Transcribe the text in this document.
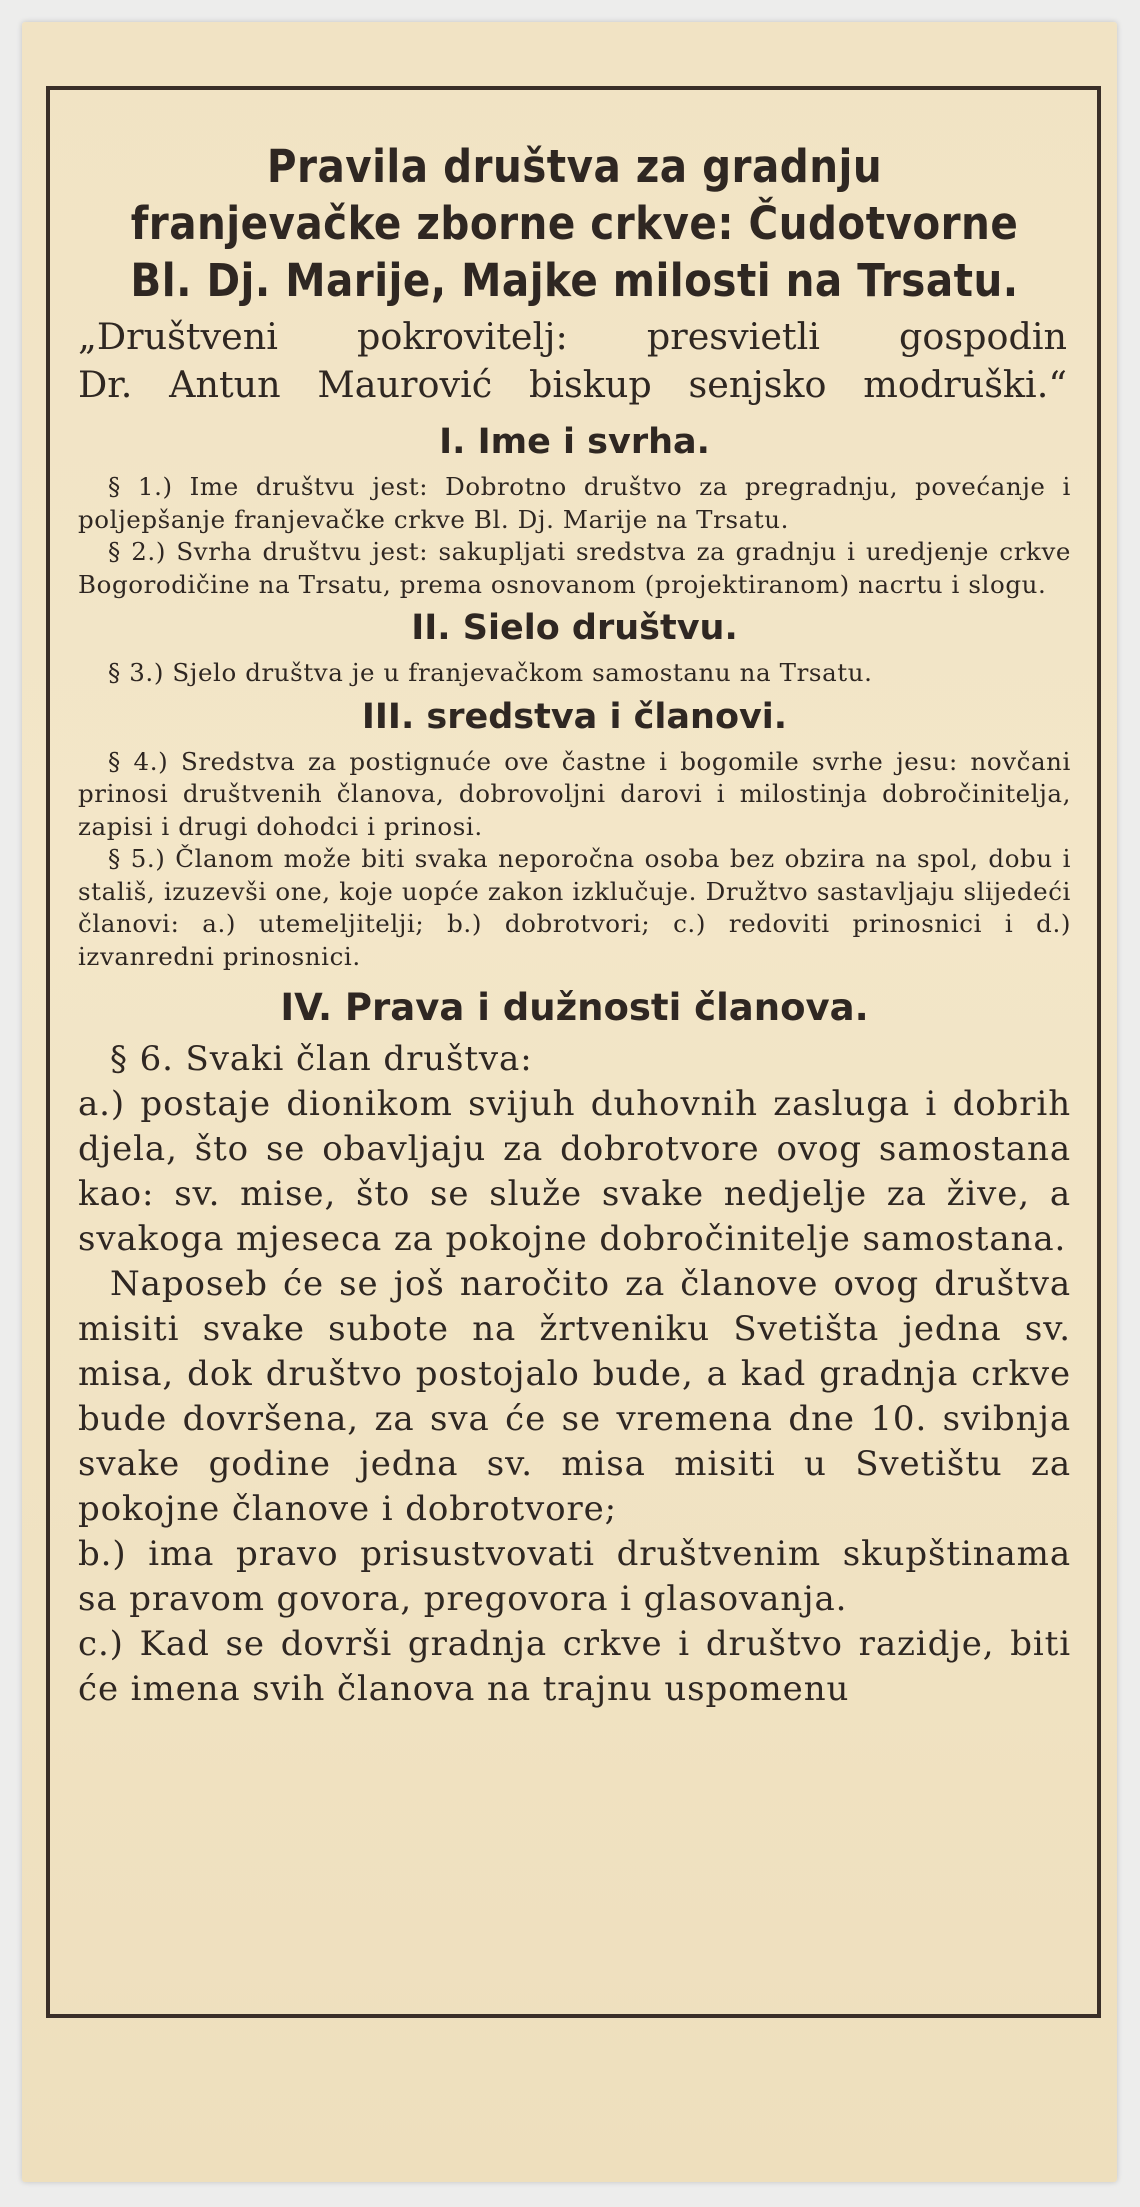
Pravila društva za gradnju franjevačke zborne crkve: Čudotvorne Bl. Dj. Marije, Majke milosti na Trsatu.

„Društveni pokrovitelj: presvietli gospodin
Dr. Antun Maurović biskup senjsko modruški.“

I. Ime i svrha.

§ 1.) Ime društvu jest: Dobrotno društvo za pregradnju, povećanje i poljepšanje franjevačke crkve Bl. Dj. Marije na Trsatu.

§ 2.) Svrha društvu jest: sakupljati sredstva za gradnju i uredjenje crkve Bogorodičine na Trsatu, prema osnovanom (projektiranom) nacrtu i slogu.

II. Sielo društvu.

§ 3.) Sjelo društva je u franjevačkom samostanu na Trsatu.

III. sredstva i članovi.

§ 4.) Sredstva za postignuće ove častne i bogomile svrhe jesu: novčani prinosi društvenih članova, dobrovoljni darovi i milostinja dobročinitelja, zapisi i drugi dohodci i prinosi.

§ 5.) Članom može biti svaka neporočna osoba bez obzira na spol, dobu i stališ, izuzevši one, koje uopće zakon izklučuje. Družtvo sastavljaju slijedeći članovi: a.) utemeljitelji; b.) dobrotvori; c.) redoviti prinosnici i d.) izvanredni prinosnici.

IV. Prava i dužnosti članova.

§ 6. Svaki član društva:

a.) postaje dionikom svijuh duhovnih zasluga i dobrih djela, što se obavljaju za dobrotvore ovog samostana kao: sv. mise, što se služe svake nedjelje za žive, a svakoga mjeseca za pokojne dobročinitelje samostana.

Naposeb će se još naročito za članove ovog društva misiti svake subote na žrtveniku Svetišta jedna sv. misa, dok društvo postojalo bude, a kad gradnja crkve bude dovršena, za sva će se vremena dne 10. svibnja svake godine jedna sv. misa misiti u Svetištu za pokojne članove i dobrotvore;

b.) ima pravo prisustvovati društvenim skupštinama sa pravom govora, pregovora i glasovanja.

c.) Kad se dovrši gradnja crkve i društvo razidje, biti će imena svih članova na trajnu uspomenu
